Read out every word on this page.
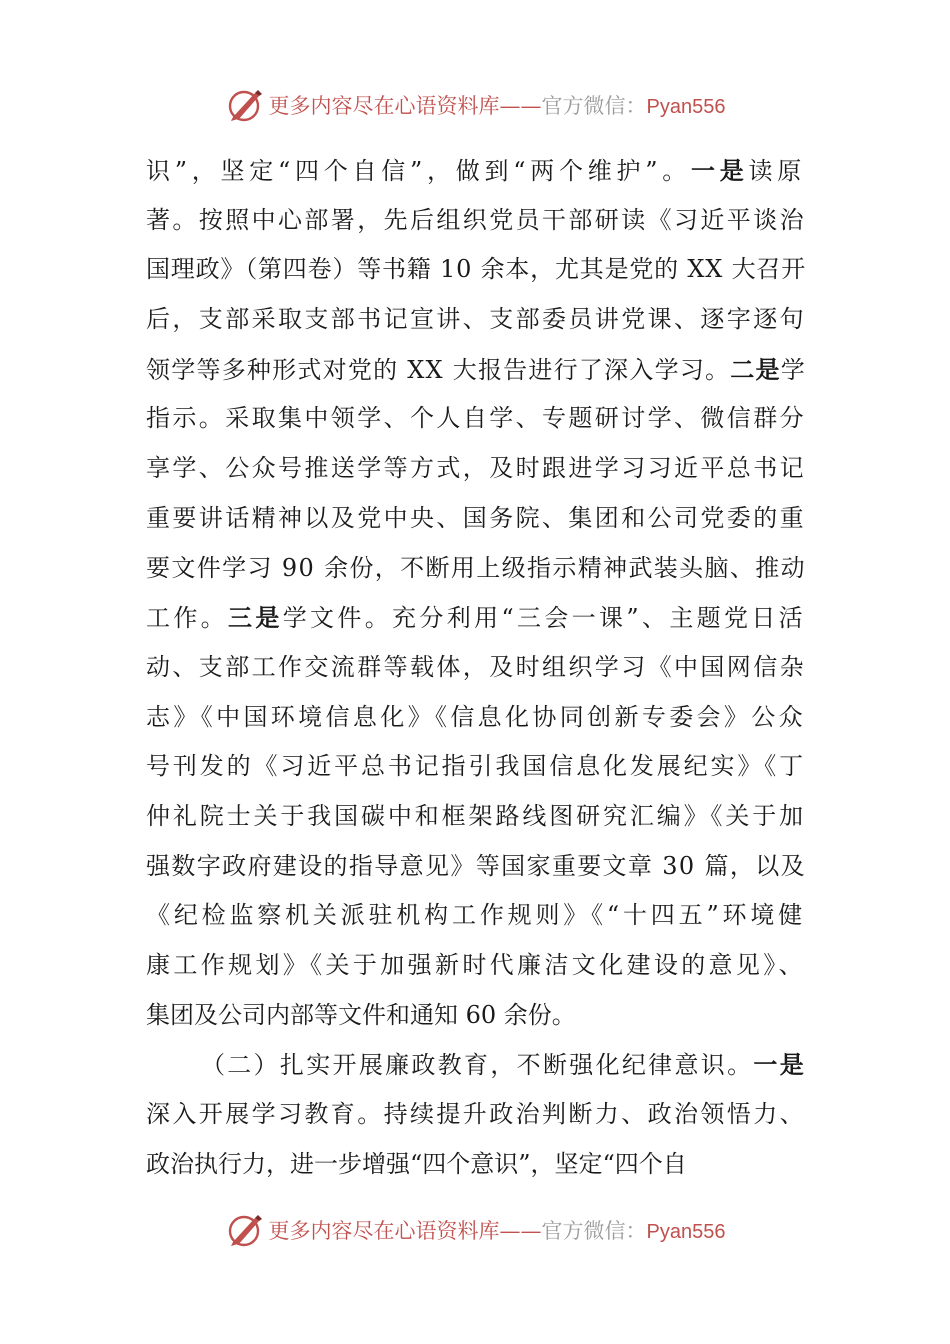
更多内容尽在心语资料库——官方微信：Pyan556
识”，坚定“四个自信”，做到“两个维护”。一是读原
著。按照中心部署，先后组织党员干部研读《习近平谈治
国理政》（第四卷）等书籍 10 余本，尤其是党的 XX 大召开
后，支部采取支部书记宣讲、支部委员讲党课、逐字逐句
领学等多种形式对党的 XX 大报告进行了深入学习。二是学
指示。采取集中领学、个人自学、专题研讨学、微信群分
享学、公众号推送学等方式，及时跟进学习习近平总书记
重要讲话精神以及党中央、国务院、集团和公司党委的重
要文件学习 90 余份，不断用上级指示精神武装头脑、推动
工作。三是学文件。充分利用“三会一课”、主题党日活
动、支部工作交流群等载体，及时组织学习《中国网信杂
志》《中国环境信息化》《信息化协同创新专委会》公众
号刊发的《习近平总书记指引我国信息化发展纪实》《丁
仲礼院士关于我国碳中和框架路线图研究汇编》《关于加
强数字政府建设的指导意见》等国家重要文章 30 篇，以及
《纪检监察机关派驻机构工作规则》《“十四五”环境健
康工作规划》《关于加强新时代廉洁文化建设的意见》、
集团及公司内部等文件和通知 60 余份。
（二）扎实开展廉政教育，不断强化纪律意识。一是
深入开展学习教育。持续提升政治判断力、政治领悟力、
政治执行力，进一步增强“四个意识”，坚定“四个自
更多内容尽在心语资料库——官方微信：Pyan556
